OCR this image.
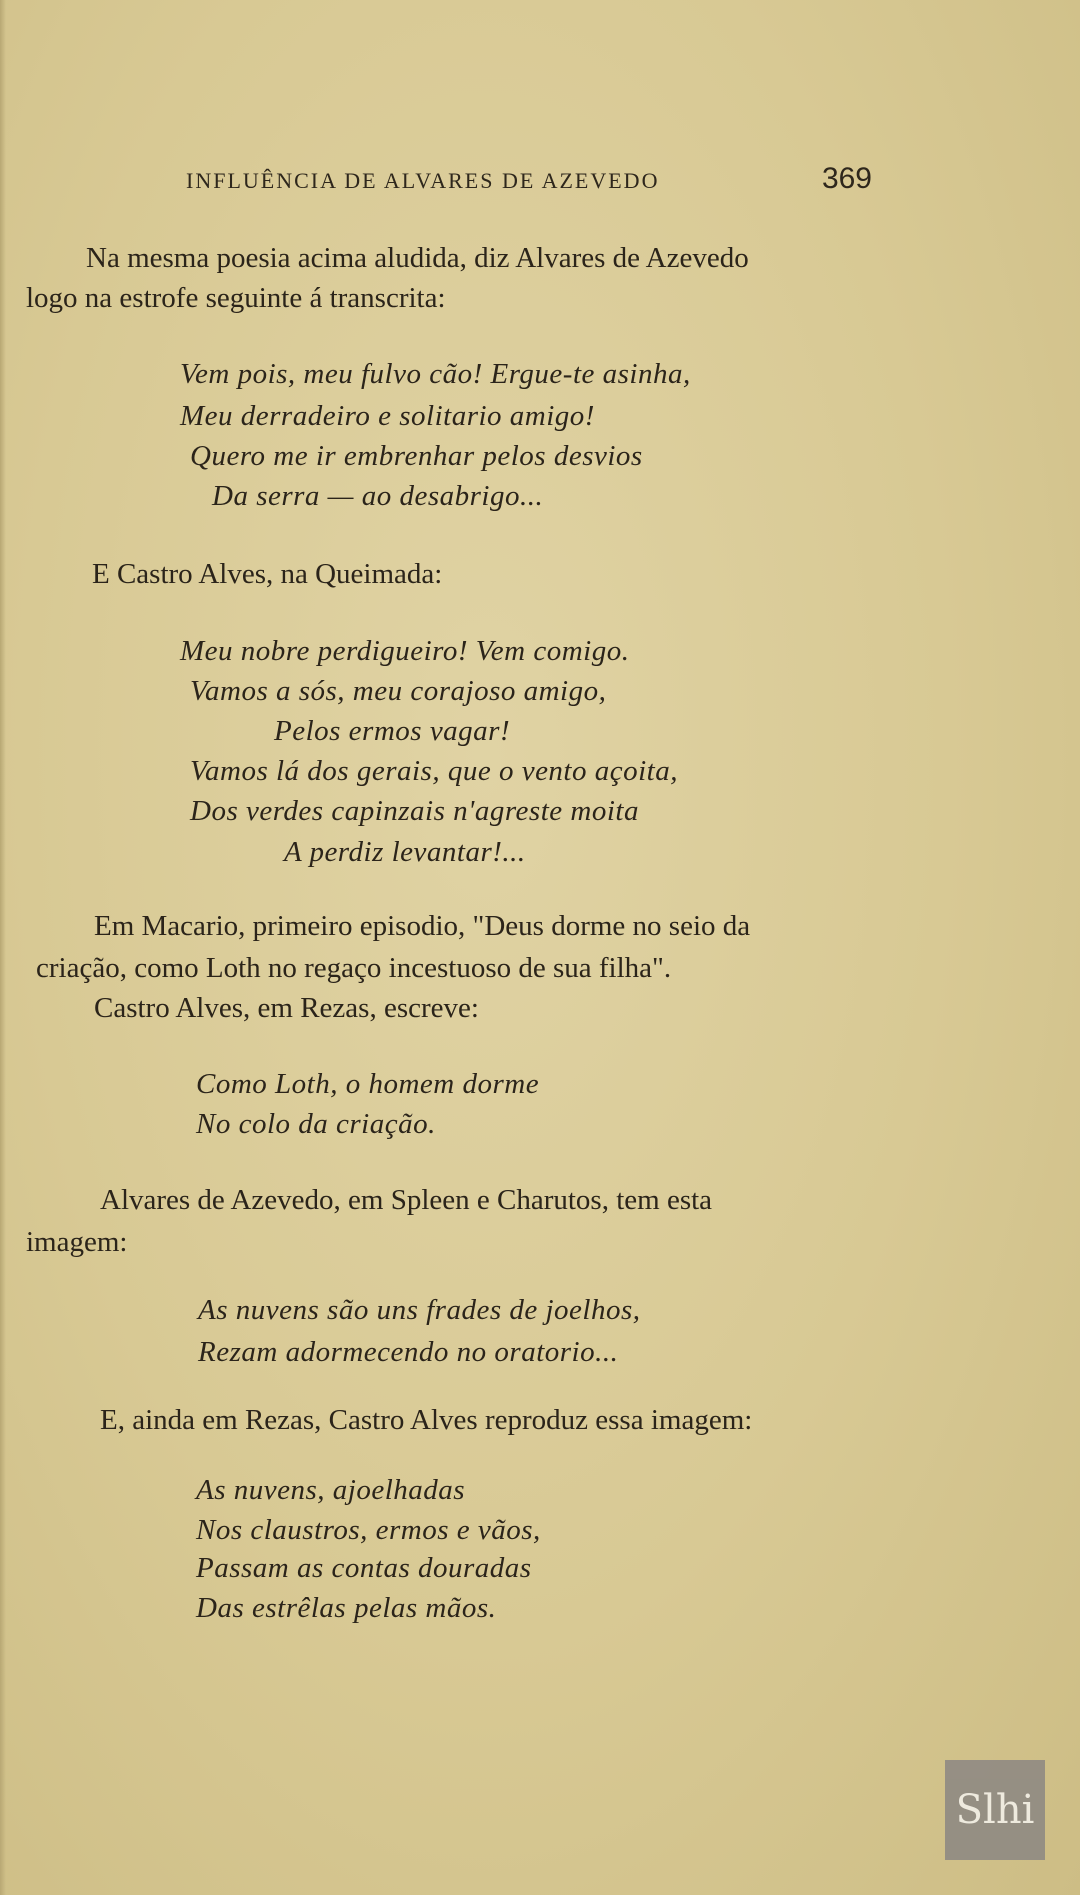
INFLUÊNCIA DE ALVARES DE AZEVEDO	369
Na mesma poesia acima aludida, diz Alvares de Azevedo
logo na estrofe seguinte á transcrita:
Vem pois, meu fulvo cão! Ergue-te asinha,
Meu derradeiro e solitario amigo!
Quero me ir embrenhar pelos desvios
Da serra — ao desabrigo...
E Castro Alves, na Queimada:
Meu nobre perdigueiro! Vem comigo.
Vamos a sós, meu corajoso amigo,
Pelos ermos vagar!
Vamos lá dos gerais, que o vento açoita,
Dos verdes capinzais n'agreste moita
A perdiz levantar!...
Em Macario, primeiro episodio, "Deus dorme no seio da
criação, como Loth no regaço incestuoso de sua filha".
Castro Alves, em Rezas, escreve:
Como Loth, o homem dorme
No colo da criação.
Alvares de Azevedo, em Spleen e Charutos, tem esta
imagem:
As nuvens são uns frades de joelhos,
Rezam adormecendo no oratorio...
E, ainda em Rezas, Castro Alves reproduz essa imagem:
As nuvens, ajoelhadas
Nos claustros, ermos e vãos,
Passam as contas douradas
Das estrêlas pelas mãos.
Slhi
